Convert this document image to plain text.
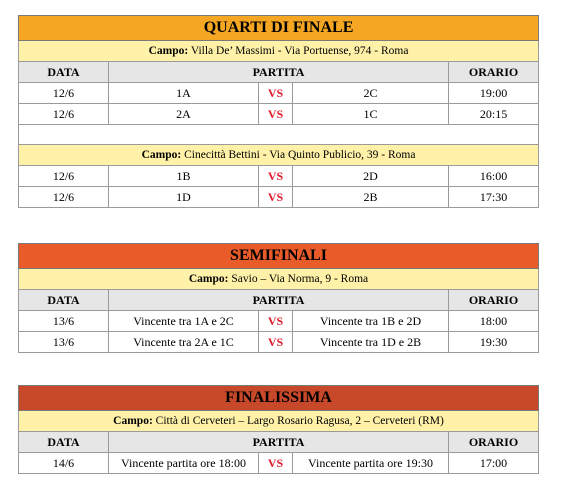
QUARTI DI FINALE				
Campo: Villa De’ Massimi - Via Portuense, 974 - Roma				
DATA	PARTITA			ORARIO
12/6	1A	VS	2C	19:00
12/6	2A	VS	1C	20:15

Campo: Cinecittà Bettini - Via Quinto Publicio, 39 - Roma				
12/6	1B	VS	2D	16:00
12/6	1D	VS	2B	17:30
SEMIFINALI				
Campo: Savio – Via Norma, 9 - Roma				
DATA	PARTITA			ORARIO
13/6	Vincente tra 1A e 2C	VS	Vincente tra 1B e 2D	18:00
13/6	Vincente tra 2A e 1C	VS	Vincente tra 1D e 2B	19:30
FINALISSIMA				
Campo: Città di Cerveteri – Largo Rosario Ragusa, 2 – Cerveteri (RM)				
DATA	PARTITA			ORARIO
14/6	Vincente partita ore 18:00	VS	Vincente partita ore 19:30	17:00
